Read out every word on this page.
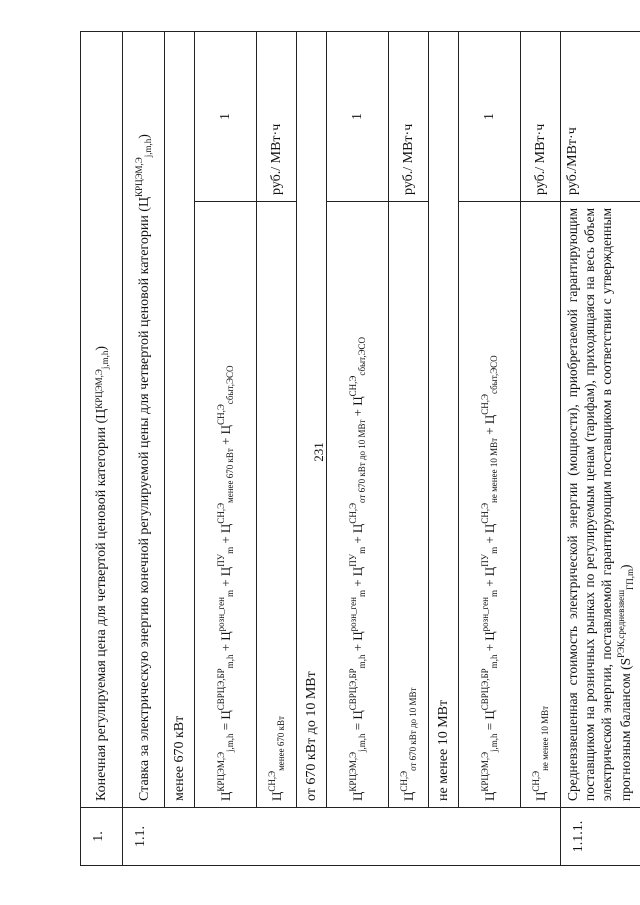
231
1.	Конечная регулируемая цена для четвертой ценовой категории $(Ц_{КРЦЭМ,Эj,m,h})$	
1.1.	Ставка за электрическую энергию конечной регулируемой цены для четвертой ценовой категории $(Ц^{КРЦЭМ,Э}_{j,m,h})$	
	менее 670 кВт	
	$Ц^{КРЦЭМ,Э}_{j,m,h} = Ц^{СВРЦЭ,БР}_{m,h} + Ц^{розн\_ген}_m + Ц^{ПУ}_m + Ц^{СН,Э}_{менее 670 кВт} + Ц^{СН,Э}_{сбыт,ЭСО}$	1
	$Ц^{СН,Э}_{менее 670 кВт}$	руб./ МВт·ч
	от 670 кВт до 10 МВт	
	$Ц^{КРЦЭМ,Э}_{j,m,h} = Ц^{СВРЦЭ,БР}_{m,h} + Ц^{розн\_ген}_m + Ц^{ПУ}_m + Ц^{СН,Э}_{от 670 кВт до 10 МВт} + Ц^{СН,Э}_{сбыт,ЭСО}$	1
	$Ц^{СН,Э}_{от 670 кВт до 10 МВт}$	руб./ МВт·ч
	не менее 10 МВт	
	$Ц^{КРЦЭМ,Э}_{j,m,h} = Ц^{СВРЦЭ,БР}_{m,h} + Ц^{розн\_ген}_m + Ц^{ПУ}_m + Ц^{СН,Э}_{не менее 10 МВт} + Ц^{СН,Э}_{сбыт,ЭСО}$	1
	$Ц^{СН,Э}_{не менее 10 МВт}$	руб./ МВт·ч
1.1.1.	Средневзвешенная стоимость электрической энергии (мощности), приобретаемой гарантирующим поставщиком на розничных рынках по регулируемым ценам (тарифам), приходящаяся на весь объем электрической энергии, поставляемой гарантирующим поставщиком в соответствии с утвержденным прогнозным балансом $(S^{РЭК,средневзвеш}_{ГП,m})$	руб./МВт·ч
